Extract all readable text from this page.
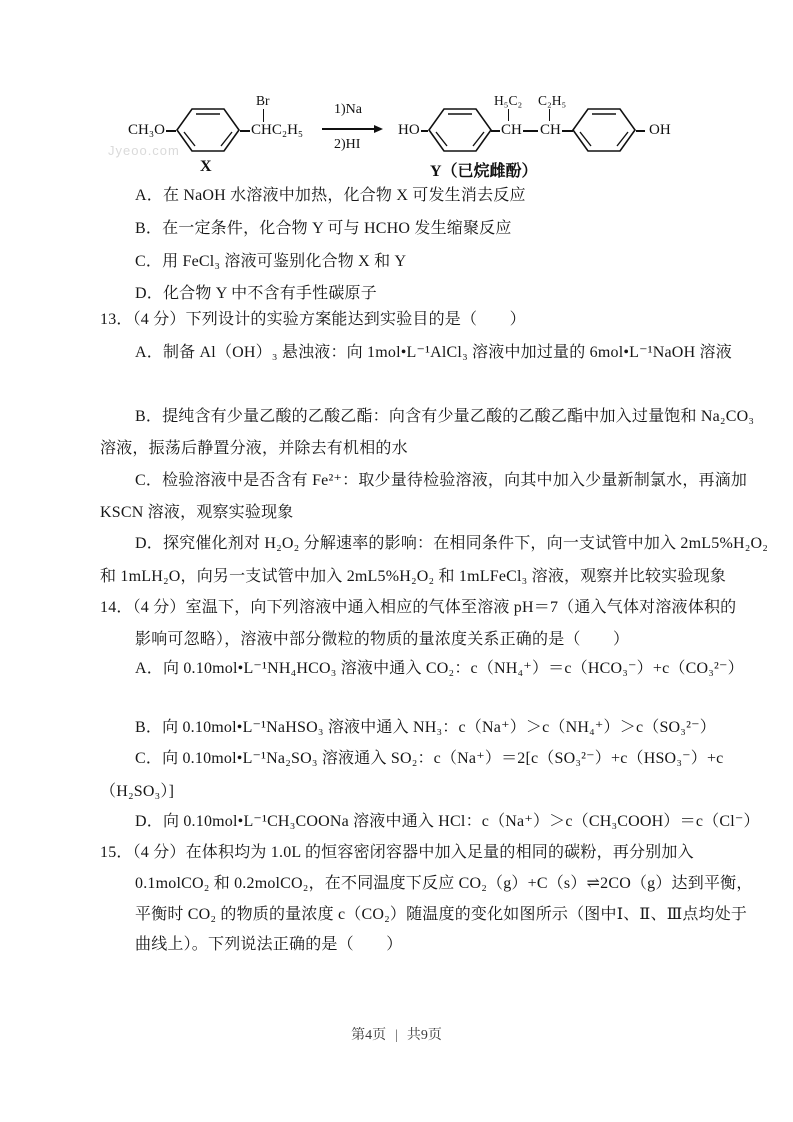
Jyeoo.com
CH₃O
Br
CHC₂H₅
X
1)Na
2)HI
HO
H₅C₂ C₂H₅
CH CH	OH
Y（已烷雌酚）
A．在 NaOH 水溶液中加热，化合物 X 可发生消去反应
B．在一定条件，化合物 Y 可与 HCHO 发生缩聚反应
C．用 FeCl₃ 溶液可鉴别化合物 X 和 Y
D．化合物 Y 中不含有手性碳原子
13．（4 分）下列设计的实验方案能达到实验目的是（　　）
A．制备 Al（OH）₃ 悬浊液：向 1mol•L⁻¹AlCl₃ 溶液中加过量的 6mol•L⁻¹NaOH 溶液
B．提纯含有少量乙酸的乙酸乙酯：向含有少量乙酸的乙酸乙酯中加入过量饱和 Na₂CO₃
溶液，振荡后静置分液，并除去有机相的水
C．检验溶液中是否含有 Fe²⁺：取少量待检验溶液，向其中加入少量新制氯水，再滴加
KSCN 溶液，观察实验现象
D．探究催化剂对 H₂O₂ 分解速率的影响：在相同条件下，向一支试管中加入 2mL5%H₂O₂
和 1mLH₂O，向另一支试管中加入 2mL5%H₂O₂ 和 1mLFeCl₃ 溶液，观察并比较实验现象
14．（4 分）室温下，向下列溶液中通入相应的气体至溶液 pH＝7（通入气体对溶液体积的
影响可忽略），溶液中部分微粒的物质的量浓度关系正确的是（　　）
A．向 0.10mol•L⁻¹NH₄HCO₃ 溶液中通入 CO₂：c（NH₄⁺）＝c（HCO₃⁻）+c（CO₃²⁻）
B．向 0.10mol•L⁻¹NaHSO₃ 溶液中通入 NH₃：c（Na⁺）＞c（NH₄⁺）＞c（SO₃²⁻）
C．向 0.10mol•L⁻¹Na₂SO₃ 溶液通入 SO₂：c（Na⁺）＝2[c（SO₃²⁻）+c（HSO₃⁻）+c
（H₂SO₃）]
D．向 0.10mol•L⁻¹CH₃COONa 溶液中通入 HCl：c（Na⁺）＞c（CH₃COOH）＝c（Cl⁻）
15．（4 分）在体积均为 1.0L 的恒容密闭容器中加入足量的相同的碳粉，再分别加入
0.1molCO₂ 和 0.2molCO₂，在不同温度下反应 CO₂（g）+C（s）⇌2CO（g）达到平衡，
平衡时 CO₂ 的物质的量浓度 c（CO₂）随温度的变化如图所示（图中Ⅰ、Ⅱ、Ⅲ点均处于
曲线上）。下列说法正确的是（　　）
第4页 | 共9页
